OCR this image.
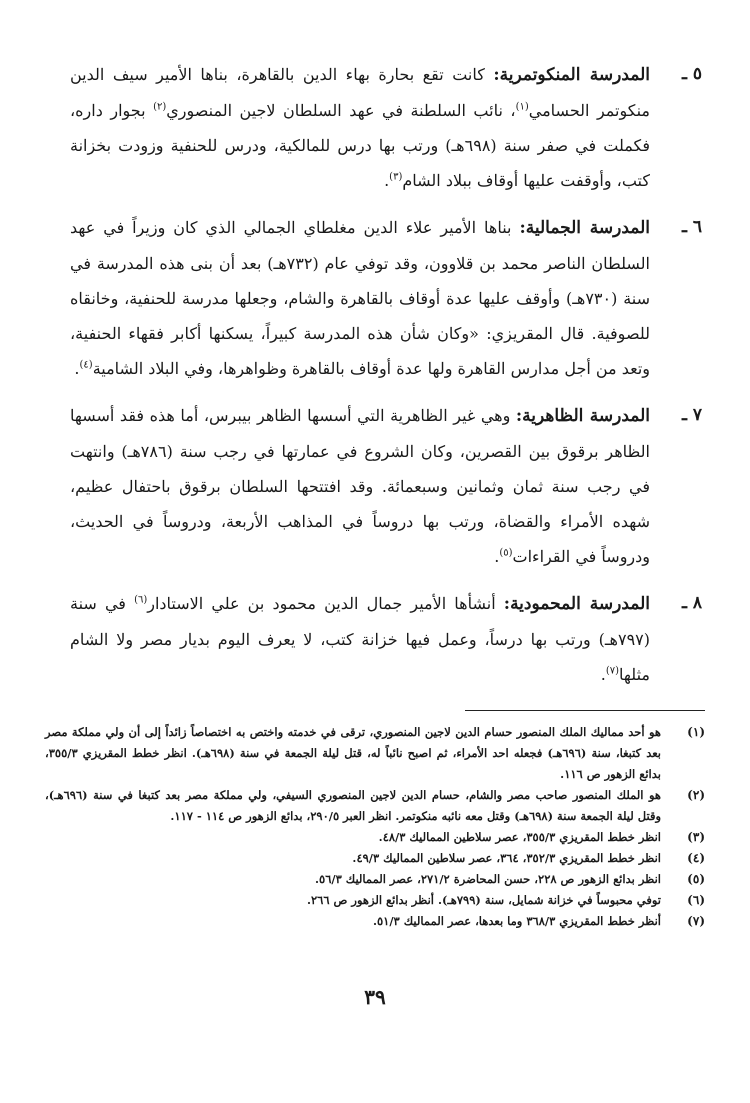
٥ ـ
المدرسة المنكوتمرية: كانت تقع بحارة بهاء الدين بالقاهرة، بناها الأمير سيف الدين منكوتمر الحسامي$^{(١)}$، نائب السلطنة في عهد السلطان لاجين المنصوري$^{(٢)}$ بجوار داره، فكملت في صفر سنة (٦٩٨هـ) ورتب بها درس للمالكية، ودرس للحنفية وزودت بخزانة كتب، وأوقفت عليها أوقاف ببلاد الشام$^{(٣)}$.
٦ ـ
المدرسة الجمالية: بناها الأمير علاء الدين مغلطاي الجمالي الذي كان وزيراً في عهد السلطان الناصر محمد بن قلاوون، وقد توفي عام (٧٣٢هـ) بعد أن بنى هذه المدرسة في سنة (٧٣٠هـ) وأوقف عليها عدة أوقاف بالقاهرة والشام، وجعلها مدرسة للحنفية، وخانقاه للصوفية. قال المقريزي: «وكان شأن هذه المدرسة كبيراً، يسكنها أكابر فقهاء الحنفية، وتعد من أجل مدارس القاهرة ولها عدة أوقاف بالقاهرة وظواهرها، وفي البلاد الشامية$^{(٤)}$.
٧ ـ
المدرسة الظاهرية: وهي غير الظاهرية التي أسسها الظاهر بيبرس، أما هذه فقد أسسها الظاهر برقوق بين القصرين، وكان الشروع في عمارتها في رجب سنة (٧٨٦هـ) وانتهت في رجب سنة ثمان وثمانين وسبعمائة. وقد افتتحها السلطان برقوق باحتفال عظيم، شهده الأمراء والقضاة، ورتب بها دروساً في المذاهب الأربعة، ودروساً في الحديث، ودروساً في القراءات$^{(٥)}$.
٨ ـ
المدرسة المحمودية: أنشأها الأمير جمال الدين محمود بن علي الاستادار$^{(٦)}$ في سنة (٧٩٧هـ) ورتب بها درساً، وعمل فيها خزانة كتب، لا يعرف اليوم بديار مصر ولا الشام مثلها$^{(٧)}$.
(١)
هو أحد مماليك الملك المنصور حسام الدين لاجين المنصوري، ترقى في خدمته واختص به اختصاصاً زائداً إلى أن ولي مملكة مصر بعد كتبغا، سنة (٦٩٦هـ) فجعله احد الأمراء، ثم اصبح نائباً له، قتل ليلة الجمعة في سنة (٦٩٨هـ). انظر خطط المقريزي ٣٥٥/٣، بدائع الزهور ص ١١٦.
(٢)
هو الملك المنصور صاحب مصر والشام، حسام الدين لاجين المنصوري السيفي، ولي مملكة مصر بعد كتبغا في سنة (٦٩٦هـ)، وقتل ليلة الجمعة سنة (٦٩٨هـ) وقتل معه نائبه منكوتمر. انظر العبر ٢٩٠/٥، بدائع الزهور ص ١١٤ - ١١٧.
(٣)
انظر خطط المقريزي ٣٥٥/٣، عصر سلاطين المماليك ٤٨/٣.
(٤)
انظر خطط المقريزي ٣٥٢/٣، ٣٦٤، عصر سلاطين المماليك ٤٩/٣.
(٥)
انظر بدائع الزهور ص ٢٢٨، حسن المحاضرة ٢٧١/٢، عصر المماليك ٥٦/٣.
(٦)
توفي محبوساً في خزانة شمايل، سنة (٧٩٩هـ). أنظر بدائع الزهور ص ٢٦٦.
(٧)
أنظر خطط المقريزي ٣٦٨/٣ وما بعدها، عصر المماليك ٥١/٣.
٣٩
